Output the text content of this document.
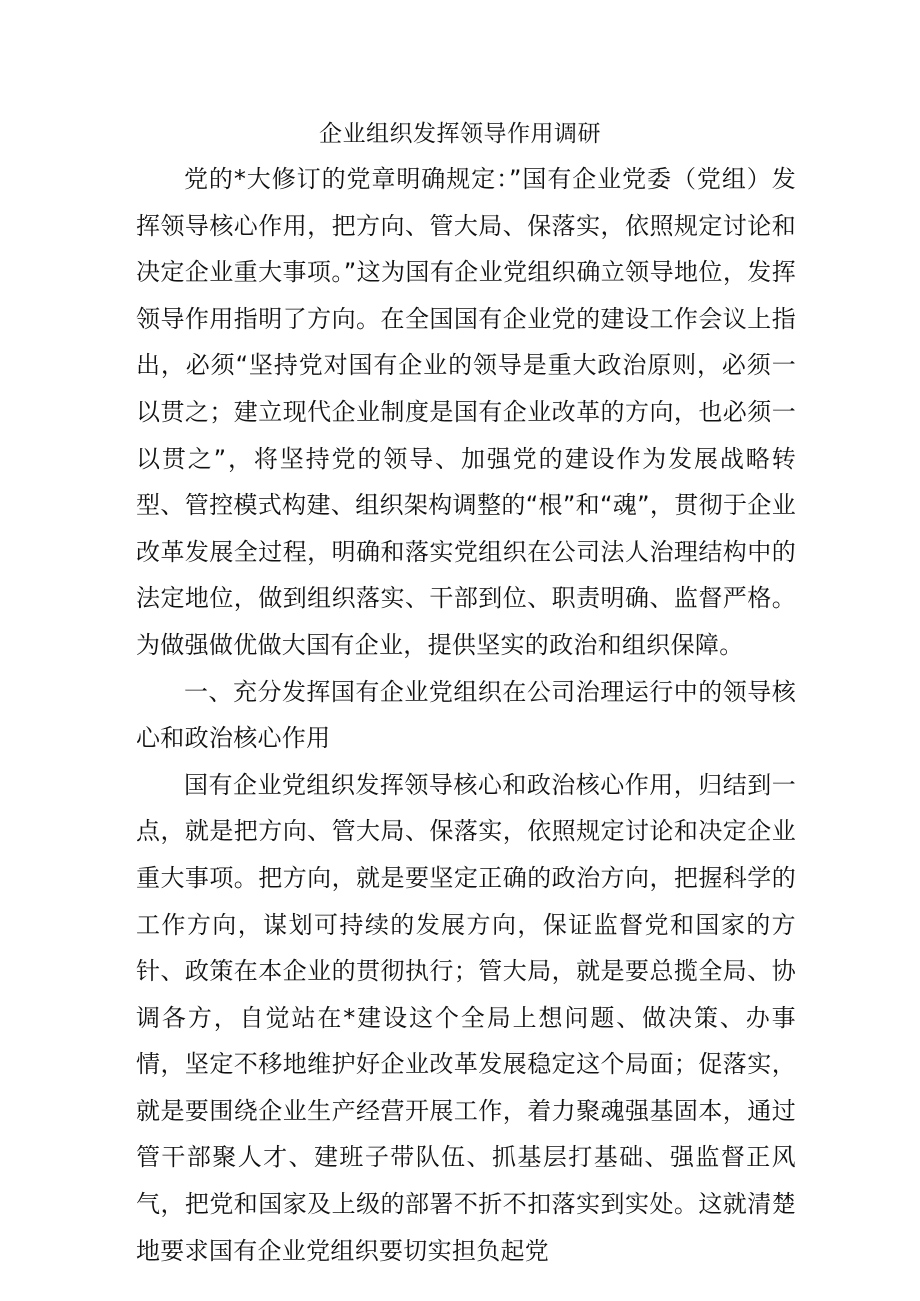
企业组织发挥领导作用调研

党的*大修订的党章明确规定：”国有企业党委（党组）发挥领导核心作用，把方向、管大局、保落实，依照规定讨论和决定企业重大事项。”这为国有企业党组织确立领导地位，发挥领导作用指明了方向。在全国国有企业党的建设工作会议上指出，必须“坚持党对国有企业的领导是重大政治原则，必须一以贯之；建立现代企业制度是国有企业改革的方向，也必须一以贯之”，将坚持党的领导、加强党的建设作为发展战略转型、管控模式构建、组织架构调整的“根”和“魂”，贯彻于企业改革发展全过程，明确和落实党组织在公司法人治理结构中的法定地位，做到组织落实、干部到位、职责明确、监督严格。为做强做优做大国有企业，提供坚实的政治和组织保障。

一、充分发挥国有企业党组织在公司治理运行中的领导核心和政治核心作用

国有企业党组织发挥领导核心和政治核心作用，归结到一点，就是把方向、管大局、保落实，依照规定讨论和决定企业重大事项。把方向，就是要坚定正确的政治方向，把握科学的工作方向，谋划可持续的发展方向，保证监督党和国家的方针、政策在本企业的贯彻执行；管大局，就是要总揽全局、协调各方，自觉站在*建设这个全局上想问题、做决策、办事情，坚定不移地维护好企业改革发展稳定这个局面；促落实，就是要围绕企业生产经营开展工作，着力聚魂强基固本，通过管干部聚人才、建班子带队伍、抓基层打基础、强监督正风气，把党和国家及上级的部署不折不扣落实到实处。这就清楚地要求国有企业党组织要切实担负起党
